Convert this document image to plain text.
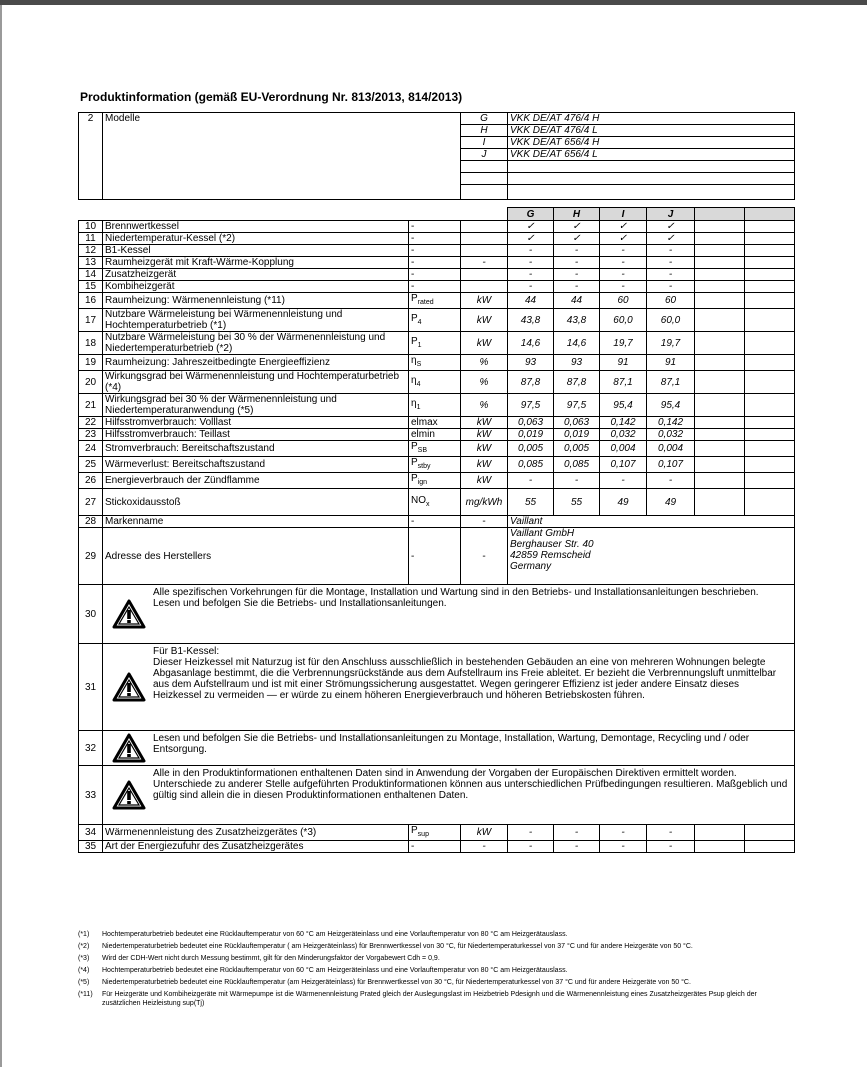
Produktinformation (gemäß EU-Verordnung Nr. 813/2013, 814/2013)
2	Modelle	G	VKK DE/AT 476/4 H
		H	VKK DE/AT 476/4 L
		I	VKK DE/AT 656/4 H
		J	VKK DE/AT 656/4 L

				G	H	I	J		
10	Brennwertkessel	-		✓	✓	✓	✓		
11	Niedertemperatur-Kessel (*2)	-		✓	✓	✓	✓		
12	B1-Kessel	-		-	-	-	-		
13	Raumheizgerät mit Kraft-Wärme-Kopplung	-	-	-	-	-	-		
14	Zusatzheizgerät	-		-	-	-	-		
15	Kombiheizgerät	-		-	-	-	-		
16	Raumheizung: Wärmenennleistung (*11)	$P_{rated}$	kW	44	44	60	60		
17	Nutzbare Wärmeleistung bei Wärmenennleistung und Hochtemperaturbetrieb (*1)	$P_4$	kW	43,8	43,8	60,0	60,0		
18	Nutzbare Wärmeleistung bei 30 % der Wärmenennleistung und Niedertemperaturbetrieb (*2)	$P_1$	kW	14,6	14,6	19,7	19,7		
19	Raumheizung: Jahreszeitbedingte Energieeffizienz	$\eta_S$	%	93	93	91	91		
20	Wirkungsgrad bei Wärmenennleistung und Hochtemperaturbetrieb (*4)	$\eta_4$	%	87,8	87,8	87,1	87,1		
21	Wirkungsgrad bei 30 % der Wärmenennleistung und Niedertemperaturanwendung (*5)	$\eta_1$	%	97,5	97,5	95,4	95,4		
22	Hilfsstromverbrauch: Volllast	elmax	kW	0,063	0,063	0,142	0,142		
23	Hilfsstromverbrauch: Teillast	elmin	kW	0,019	0,019	0,032	0,032		
24	Stromverbrauch: Bereitschaftszustand	$P_{SB}$	kW	0,005	0,005	0,004	0,004		
25	Wärmeverlust: Bereitschaftszustand	$P_{stby}$	kW	0,085	0,085	0,107	0,107		
26	Energieverbrauch der Zündflamme	$P_{ign}$	kW	-	-	-	-		
27	Stickoxidausstoß	$NO_x$	mg/kWh	55	55	49	49		
28	Markenname	-	-	Vaillant					
29	Adresse des Herstellers	-	-	Vaillant GmbH
Berghauser Str. 40
42859 Remscheid
Germany					

30	Alle spezifischen Vorkehrungen für die Montage, Installation und Wartung sind in den Betriebs- und Installationsanleitungen beschrieben.
Lesen und befolgen Sie die Betriebs- und Installationsanleitungen.								

31	Für B1-Kessel:
Dieser Heizkessel mit Naturzug ist für den Anschluss ausschließlich in bestehenden Gebäuden an eine von mehreren Wohnungen belegte Abgasanlage bestimmt, die die Verbrennungsrückstände aus dem Aufstellraum ins Freie ableitet. Er bezieht die Verbrennungsluft unmittelbar aus dem Aufstellraum und ist mit einer Strömungssicherung ausgestattet. Wegen geringerer Effizienz ist jeder andere Einsatz dieses Heizkessel zu vermeiden — er würde zu einem höheren Energieverbrauch und höheren Betriebskosten führen.								

32	Lesen und befolgen Sie die Betriebs- und Installationsanleitungen zu Montage, Installation, Wartung, Demontage, Recycling und / oder Entsorgung.								

33	Alle in den Produktinformationen enthaltenen Daten sind in Anwendung der Vorgaben der Europäischen Direktiven ermittelt worden. Unterschiede zu anderer Stelle aufgeführten Produktinformationen können aus unterschiedlichen Prüfbedingungen resultieren. Maßgeblich und gültig sind allein die in diesen Produktinformationen enthaltenen Daten.								

34	Wärmenennleistung des Zusatzheizgerätes (*3)	$P_{sup}$	kW	-	-	-	-		
35	Art der Energiezufuhr des Zusatzheizgerätes	-	-	-	-	-	-		
(*1)	Hochtemperaturbetrieb bedeutet eine Rücklauftemperatur von 60 °C am Heizgeräteinlass und eine Vorlauftemperatur von 80 °C am Heizgerätauslass.
(*2)	Niedertemperaturbetrieb bedeutet eine Rücklauftemperatur ( am Heizgeräteinlass) für Brennwertkessel von 30 °C, für Niedertemperaturkessel von 37 °C und für andere Heizgeräte von 50 °C.
(*3)	Wird der CDH-Wert nicht durch Messung bestimmt, gilt für den Minderungsfaktor der Vorgabewert Cdh = 0,9.
(*4)	Hochtemperaturbetrieb bedeutet eine Rücklauftemperatur von 60 °C am Heizgeräteinlass und eine Vorlauftemperatur von 80 °C am Heizgerätauslass.
(*5)	Niedertemperaturbetrieb bedeutet eine Rücklauftemperatur (am Heizgeräteinlass) für Brennwertkessel von 30 °C, für Niedertemperaturkessel von 37 °C und für andere Heizgeräte von 50 °C.
(*11)	Für Heizgeräte und Kombiheizgeräte mit Wärmepumpe ist die Wärmenennleistung Prated gleich der Auslegungslast im Heizbetrieb Pdesignh und die Wärmenennleistung eines Zusatzheizgerätes Psup gleich der zusätzlichen Heizleistung sup(Tj)
